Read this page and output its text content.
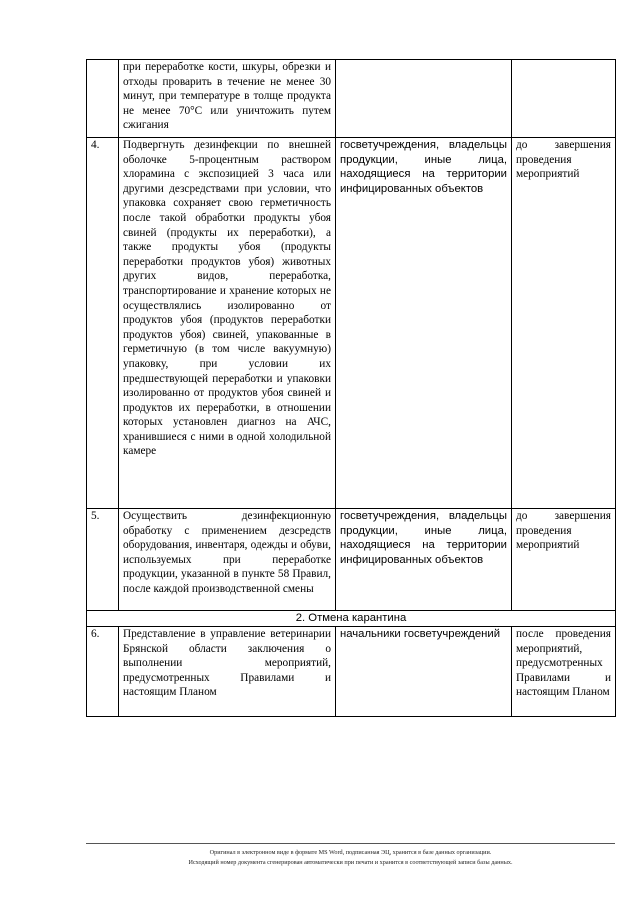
	при переработке кости, шкуры, обрезки и отходы проварить в течение не менее 30 минут, при температуре в толще продукта не менее 70°С или уничтожить путем сжигания		
4.	Подвергнуть дезинфекции по внешней оболочке 5-процентным раствором хлорамина с экспозицией 3 часа или другими дезсредствами при условии, что упаковка сохраняет свою герметичность после такой обработки продукты убоя свиней (продукты их переработки), а также продукты убоя (продукты переработки продуктов убоя) животных других видов, переработка, транспортирование и хранение которых не осуществлялись изолированно от продуктов убоя (продуктов переработки продуктов убоя) свиней, упакованные в герметичную (в том числе вакуумную) упаковку, при условии их предшествующей переработки и упаковки изолированно от продуктов убоя свиней и продуктов их переработки, в отношении которых установлен диагноз на АЧС, хранившиеся с ними в одной холодильной камере	госветучреждения, владельцы продукции, иные лица, находящиеся на территории инфицированных объектов	до завершения проведения мероприятий
5.	Осуществить дезинфекционную обработку с применением дезсредств оборудования, инвентаря, одежды и обуви, используемых при переработке продукции, указанной в пункте 58 Правил, после каждой производственной смены	госветучреждения, владельцы продукции, иные лица, находящиеся на территории инфицированных объектов	до завершения проведения мероприятий
2. Отмена карантина			
6.	Представление в управление ветеринарии Брянской области заключения о выполнении мероприятий, предусмотренных Правилами и настоящим Планом	начальники госветучреждений	после проведения мероприятий, предусмотренных Правилами и настоящим Планом

Оригинал в электронном виде в формате MS Word, подписанная ЭЦ, хранится в базе данных организации.

Исходящий номер документа сгенерирован автоматически при печати и хранится в соответствующей записи базы данных.
